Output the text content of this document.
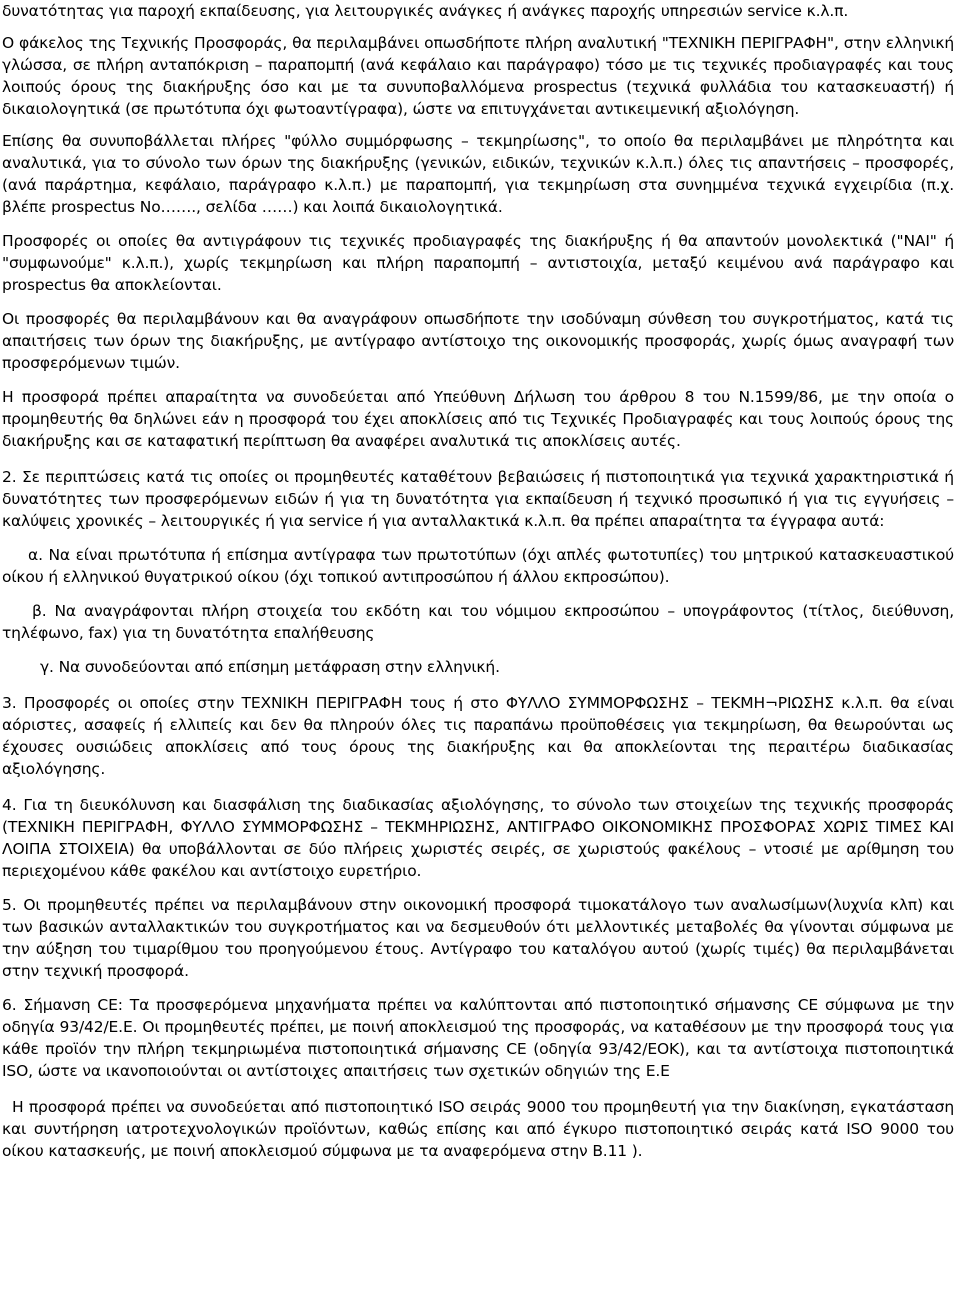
δυνατότητας για παροχή εκπαίδευσης, για λειτουργικές ανάγκες ή ανάγκες παροχής υπηρεσιών service κ.λ.π.

Ο φάκελος της Τεχνικής Προσφοράς, θα περιλαμβάνει οπωσδήποτε πλήρη αναλυτική "ΤΕΧΝΙΚΗ ΠΕΡΙΓΡΑΦΗ", στην ελληνική γλώσσα, σε πλήρη ανταπόκριση – παραπομπή (ανά κεφάλαιο και παράγραφο) τόσο με τις τεχνικές προδιαγραφές και τους λοιπούς όρους της διακήρυξης όσο και με τα συνυποβαλλόμενα prospectus (τεχνικά φυλλάδια του κατασκευαστή) ή δικαιολογητικά (σε πρωτότυπα όχι φωτοαντίγραφα), ώστε να επιτυγχάνεται αντικειμενική αξιολόγηση.

Επίσης θα συνυποβάλλεται πλήρες "φύλλο συμμόρφωσης – τεκμηρίωσης", το οποίο θα περιλαμβάνει με πληρότητα και αναλυτικά, για το σύνολο των όρων της διακήρυξης (γενικών, ειδικών, τεχνικών κ.λ.π.) όλες τις απαντήσεις – προσφορές, (ανά παράρτημα, κεφάλαιο, παράγραφο κ.λ.π.) με παραπομπή, για τεκμηρίωση στα συνημμένα τεχνικά εγχειρίδια (π.χ. βλέπε prospectus No……., σελίδα ……) και λοιπά δικαιολογητικά.

Προσφορές οι οποίες θα αντιγράφουν τις τεχνικές προδιαγραφές της διακήρυξης ή θα απαντούν μονολεκτικά ("ΝΑΙ" ή "συμφωνούμε" κ.λ.π.), χωρίς τεκμηρίωση και πλήρη παραπομπή – αντιστοιχία, μεταξύ κειμένου ανά παράγραφο και prospectus θα αποκλείονται.

Οι προσφορές θα περιλαμβάνουν και θα αναγράφουν οπωσδήποτε την ισοδύναμη σύνθεση του συγκροτήματος, κατά τις απαιτήσεις των όρων της διακήρυξης, με αντίγραφο αντίστοιχο της οικονομικής προσφοράς, χωρίς όμως αναγραφή των προσφερόμενων τιμών.

Η προσφορά πρέπει απαραίτητα να συνοδεύεται από Υπεύθυνη Δήλωση του άρθρου 8 του Ν.1599/86, με την οποία ο προμηθευτής θα δηλώνει εάν η προσφορά του έχει αποκλίσεις από τις Τεχνικές Προδιαγραφές και τους λοιπούς όρους της διακήρυξης και σε καταφατική περίπτωση θα αναφέρει αναλυτικά τις αποκλίσεις αυτές.

2. Σε περιπτώσεις κατά τις οποίες οι προμηθευτές καταθέτουν βεβαιώσεις ή πιστοποιητικά για τεχνικά χαρακτηριστικά ή δυνατότητες των προσφερόμενων ειδών ή για τη δυνατότητα για εκπαίδευση ή τεχνικό προσωπικό ή για τις εγγυήσεις – καλύψεις χρονικές – λειτουργικές ή για service ή για ανταλλακτικά κ.λ.π. θα πρέπει απαραίτητα τα έγγραφα αυτά:

α. Να είναι πρωτότυπα ή επίσημα αντίγραφα των πρωτοτύπων (όχι απλές φωτοτυπίες) του μητρικού κατασκευαστικού οίκου ή ελληνικού θυγατρικού οίκου (όχι τοπικού αντιπροσώπου ή άλλου εκπροσώπου).

β. Να αναγράφονται πλήρη στοιχεία του εκδότη και του νόμιμου εκπροσώπου – υπογράφοντος (τίτλος, διεύθυνση, τηλέφωνο, fax) για τη δυνατότητα επαλήθευσης

γ. Να συνοδεύονται από επίσημη μετάφραση στην ελληνική.

3. Προσφορές οι οποίες στην ΤΕΧΝΙΚΗ ΠΕΡΙΓΡΑΦΗ τους ή στο ΦΥΛΛΟ ΣΥΜΜΟΡΦΩΣΗΣ – ΤΕΚΜΗ¬ΡΙΩΣΗΣ κ.λ.π. θα είναι αόριστες, ασαφείς ή ελλιπείς και δεν θα πληρούν όλες τις παραπάνω προϋποθέσεις για τεκμηρίωση, θα θεωρούνται ως έχουσες ουσιώδεις αποκλίσεις από τους όρους της διακήρυξης και θα αποκλείονται της περαιτέρω διαδικασίας αξιολόγησης.

4. Για τη διευκόλυνση και διασφάλιση της διαδικασίας αξιολόγησης, το σύνολο των στοιχείων της τεχνικής προσφοράς (ΤΕΧΝΙΚΗ ΠΕΡΙΓΡΑΦΗ, ΦΥΛΛΟ ΣΥΜΜΟΡΦΩΣΗΣ – ΤΕΚΜΗΡΙΩΣΗΣ, ΑΝΤΙΓΡΑΦΟ ΟΙΚΟΝΟΜΙΚΗΣ ΠΡΟΣΦΟΡΑΣ ΧΩΡΙΣ ΤΙΜΕΣ ΚΑΙ ΛΟΙΠΑ ΣΤΟΙΧΕΙΑ) θα υποβάλλονται σε δύο πλήρεις χωριστές σειρές, σε χωριστούς φακέλους – ντοσιέ με αρίθμηση του περιεχομένου κάθε φακέλου και αντίστοιχο ευρετήριο.

5. Οι προμηθευτές πρέπει να περιλαμβάνουν στην οικονομική προσφορά τιμοκατάλογο των αναλωσίμων(λυχνία κλπ) και των βασικών ανταλλακτικών του συγκροτήματος και να δεσμευθούν ότι μελλοντικές μεταβολές θα γίνονται σύμφωνα με την αύξηση του τιμαρίθμου του προηγούμενου έτους. Αντίγραφο του καταλόγου αυτού (χωρίς τιμές) θα περιλαμβάνεται στην τεχνική προσφορά.

6. Σήμανση CE: Τα προσφερόμενα μηχανήματα πρέπει να καλύπτονται από πιστοποιητικό σήμανσης CE σύμφωνα με την οδηγία 93/42/Ε.Ε. Οι προμηθευτές πρέπει, με ποινή αποκλεισμού της προσφοράς, να καταθέσουν με την προσφορά τους για κάθε προϊόν την πλήρη τεκμηριωμένα πιστοποιητικά σήμανσης CE (οδηγία 93/42/ΕΟΚ), και τα αντίστοιχα πιστοποιητικά ISO, ώστε να ικανοποιούνται οι αντίστοιχες απαιτήσεις των σχετικών οδηγιών της Ε.Ε

Η προσφορά πρέπει να συνοδεύεται από πιστοποιητικό ISO σειράς 9000 του προμηθευτή για την διακίνηση, εγκατάσταση και συντήρηση ιατροτεχνολογικών προϊόντων, καθώς επίσης και από έγκυρο πιστοποιητικό σειράς κατά ISO 9000 του οίκου κατασκευής, με ποινή αποκλεισμού σύμφωνα με τα αναφερόμενα στην Β.11 ).
